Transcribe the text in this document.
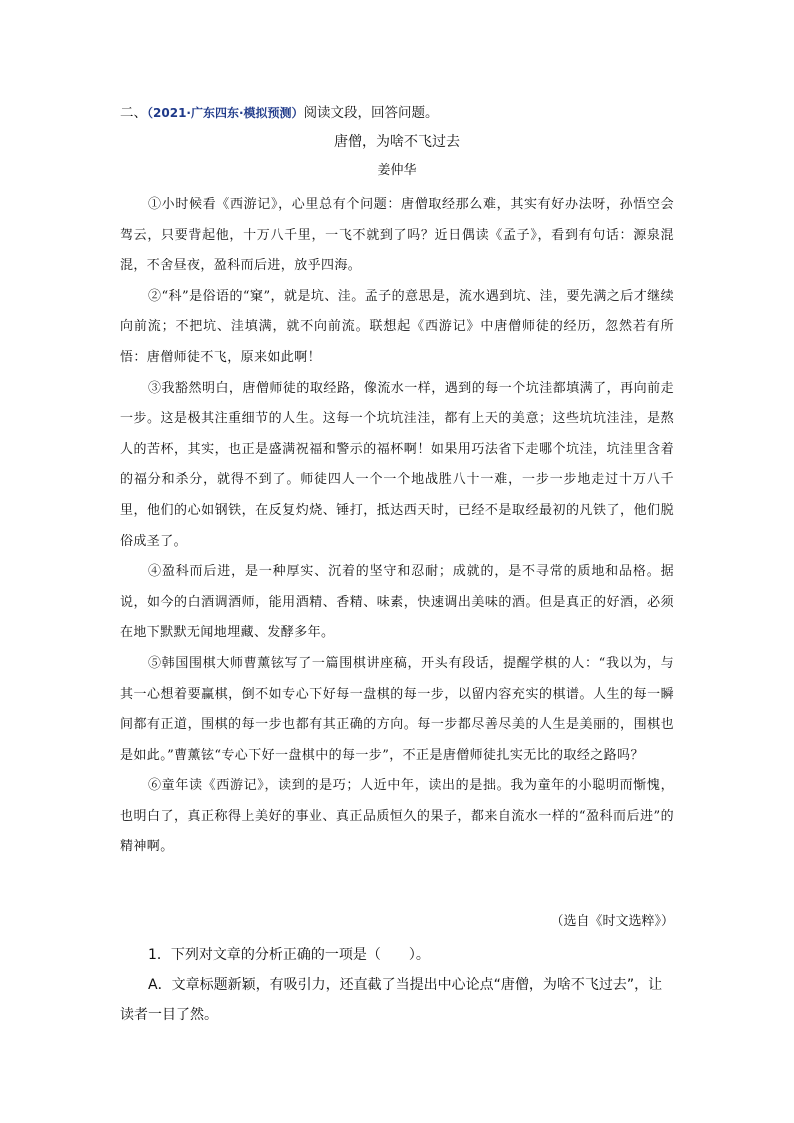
二、（2021·广东四东·模拟预测）阅读文段，回答问题。
唐僧，为啥不飞过去
姜仲华

①小时候看《西游记》，心里总有个问题：唐僧取经那么难，其实有好办法呀，孙悟空会驾云，只要背起他，十万八千里，一飞不就到了吗？近日偶读《孟子》，看到有句话：源泉混混，不舍昼夜，盈科而后进，放乎四海。

②“科”是俗语的“窠”，就是坑、洼。孟子的意思是，流水遇到坑、洼，要先满之后才继续向前流；不把坑、洼填满，就不向前流。联想起《西游记》中唐僧师徒的经历，忽然若有所悟：唐僧师徒不飞，原来如此啊！

③我豁然明白，唐僧师徒的取经路，像流水一样，遇到的每一个坑洼都填满了，再向前走一步。这是极其注重细节的人生。这每一个坑坑洼洼，都有上天的美意；这些坑坑洼洼，是熬人的苦杯，其实，也正是盛满祝福和警示的福杯啊！如果用巧法省下走哪个坑洼，坑洼里含着的福分和杀分，就得不到了。师徒四人一个一个地战胜八十一难，一步一步地走过十万八千里，他们的心如钢铁，在反复灼烧、锤打，抵达西天时，已经不是取经最初的凡铁了，他们脱俗成圣了。

④盈科而后进，是一种厚实、沉着的坚守和忍耐；成就的，是不寻常的质地和品格。据说，如今的白酒调酒师，能用酒精、香精、味素，快速调出美味的酒。但是真正的好酒，必须在地下默默无闻地埋藏、发酵多年。

⑤韩国围棋大师曹薰铉写了一篇围棋讲座稿，开头有段话，提醒学棋的人：“我以为，与其一心想着要赢棋，倒不如专心下好每一盘棋的每一步，以留内容充实的棋谱。人生的每一瞬间都有正道，围棋的每一步也都有其正确的方向。每一步都尽善尽美的人生是美丽的，围棋也是如此。”曹薰铉“专心下好一盘棋中的每一步”，不正是唐僧师徒扎实无比的取经之路吗？

⑥童年读《西游记》，读到的是巧；人近中年，读出的是拙。我为童年的小聪明而惭愧，也明白了，真正称得上美好的事业、真正品质恒久的果子，都来自流水一样的“盈科而后进”的精神啊。

（选自《时文选粹》）

1．下列对文章的分析正确的一项是（　　）。

A．文章标题新颖，有吸引力，还直截了当提出中心论点“唐僧，为啥不飞过去”，让读者一目了然。
